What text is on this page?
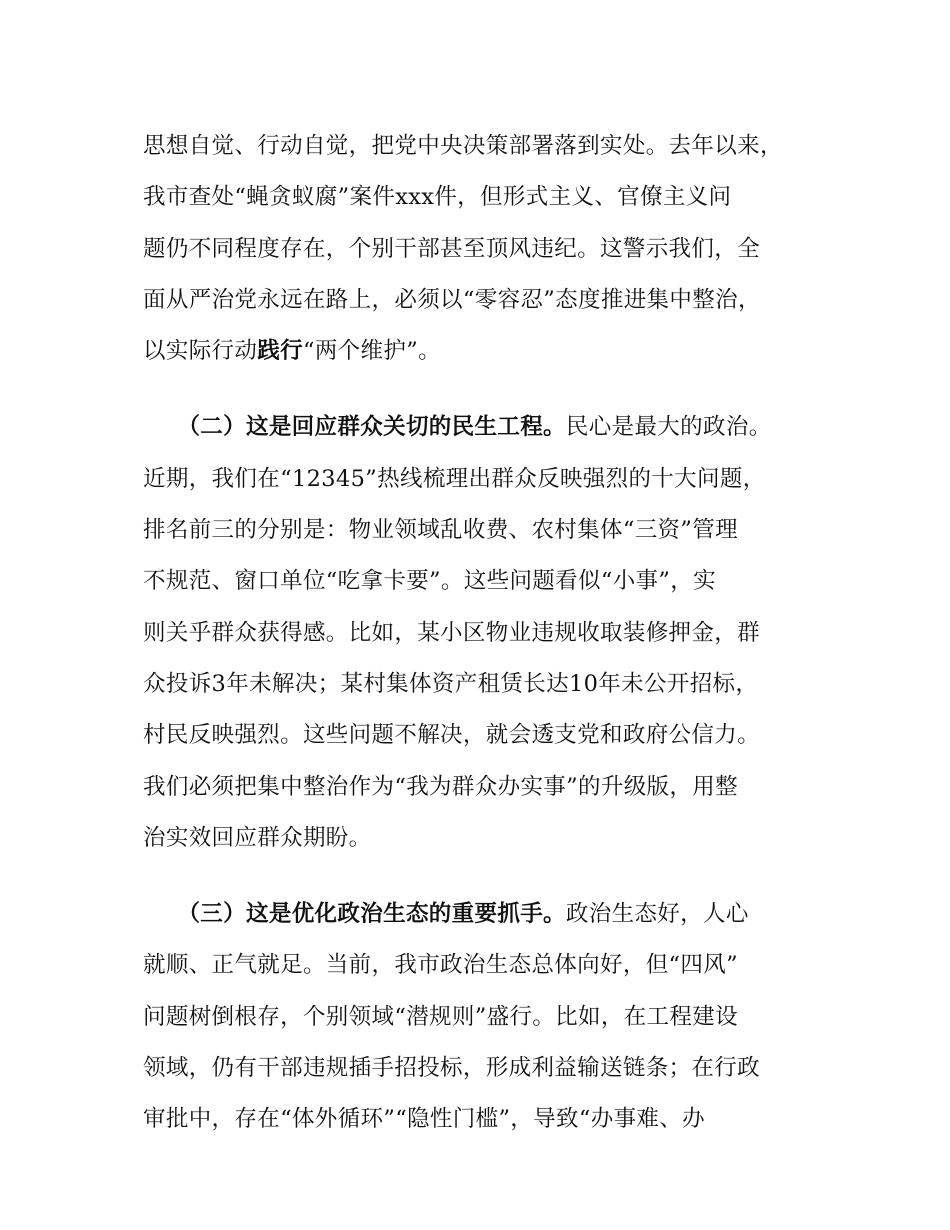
思想自觉、行动自觉，把党中央决策部署落到实处。去年以来，
我市查处“蝇贪蚁腐”案件xxx件，但形式主义、官僚主义问
题仍不同程度存在，个别干部甚至顶风违纪。这警示我们，全
面从严治党永远在路上，必须以“零容忍”态度推进集中整治，
以实际行动践行“两个维护”。
　　（二）这是回应群众关切的民生工程。民心是最大的政治。
近期，我们在“12345”热线梳理出群众反映强烈的十大问题，
排名前三的分别是：物业领域乱收费、农村集体“三资”管理
不规范、窗口单位“吃拿卡要”。这些问题看似“小事”，实
则关乎群众获得感。比如，某小区物业违规收取装修押金，群
众投诉3年未解决；某村集体资产租赁长达10年未公开招标，
村民反映强烈。这些问题不解决，就会透支党和政府公信力。
我们必须把集中整治作为“我为群众办实事”的升级版，用整
治实效回应群众期盼。
　　（三）这是优化政治生态的重要抓手。政治生态好，人心
就顺、正气就足。当前，我市政治生态总体向好，但“四风”
问题树倒根存，个别领域“潜规则”盛行。比如，在工程建设
领域，仍有干部违规插手招投标，形成利益输送链条；在行政
审批中，存在“体外循环”“隐性门槛”，导致“办事难、办
